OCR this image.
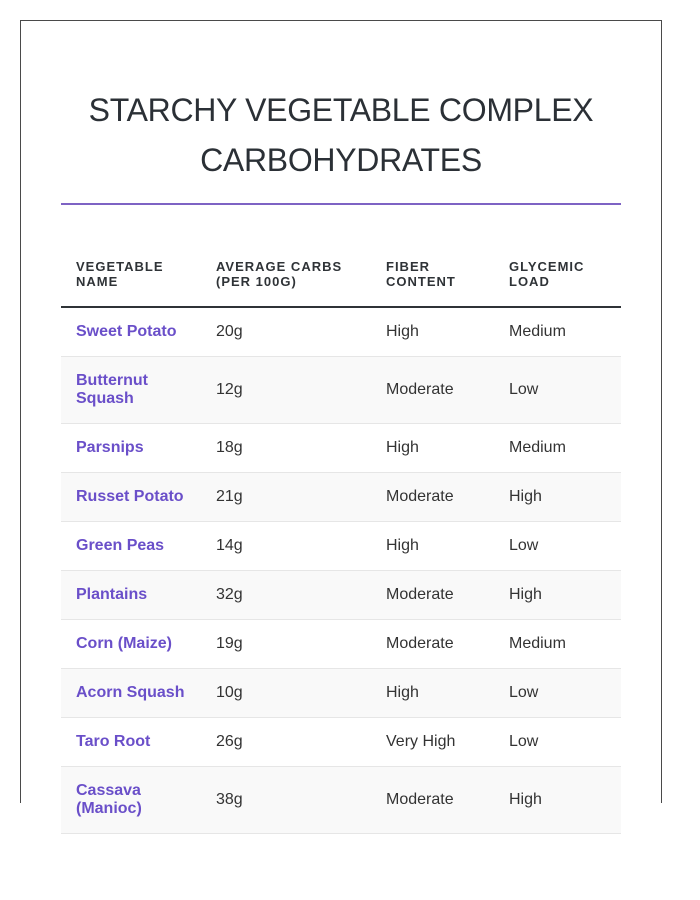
STARCHY VEGETABLE COMPLEX CARBOHYDRATES
VEGETABLE NAME	AVERAGE CARBS (PER 100G)	FIBER CONTENT	GLYCEMIC LOAD
Sweet Potato	20g	High	Medium
Butternut Squash	12g	Moderate	Low
Parsnips	18g	High	Medium
Russet Potato	21g	Moderate	High
Green Peas	14g	High	Low
Plantains	32g	Moderate	High
Corn (Maize)	19g	Moderate	Medium
Acorn Squash	10g	High	Low
Taro Root	26g	Very High	Low
Cassava (Manioc)	38g	Moderate	High
